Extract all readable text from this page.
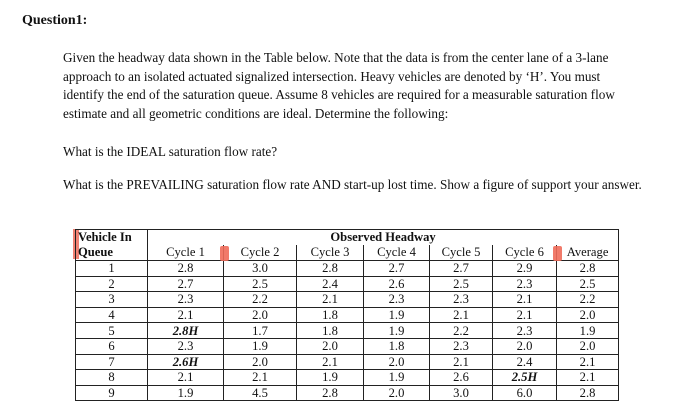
Question1:
Given the headway data shown in the Table below. Note that the data is from the center lane of a 3-lane approach to an isolated actuated signalized intersection. Heavy vehicles are denoted by ‘H’. You must identify the end of the saturation queue. Assume 8 vehicles are required for a measurable saturation flow estimate and all geometric conditions are ideal. Determine the following:
What is the IDEAL saturation flow rate?
What is the PREVAILING saturation flow rate AND start-up lost time. Show a figure of support your answer.
Vehicle In
Queue	Observed Headway						
	Cycle 1	Cycle 2	Cycle 3	Cycle 4	Cycle 5	Cycle 6	Average
1	2.8	3.0	2.8	2.7	2.7	2.9	2.8
2	2.7	2.5	2.4	2.6	2.5	2.3	2.5
3	2.3	2.2	2.1	2.3	2.3	2.1	2.2
4	2.1	2.0	1.8	1.9	2.1	2.1	2.0
5	2.8H	1.7	1.8	1.9	2.2	2.3	1.9
6	2.3	1.9	2.0	1.8	2.3	2.0	2.0
7	2.6H	2.0	2.1	2.0	2.1	2.4	2.1
8	2.1	2.1	1.9	1.9	2.6	2.5H	2.1
9	1.9	4.5	2.8	2.0	3.0	6.0	2.8
